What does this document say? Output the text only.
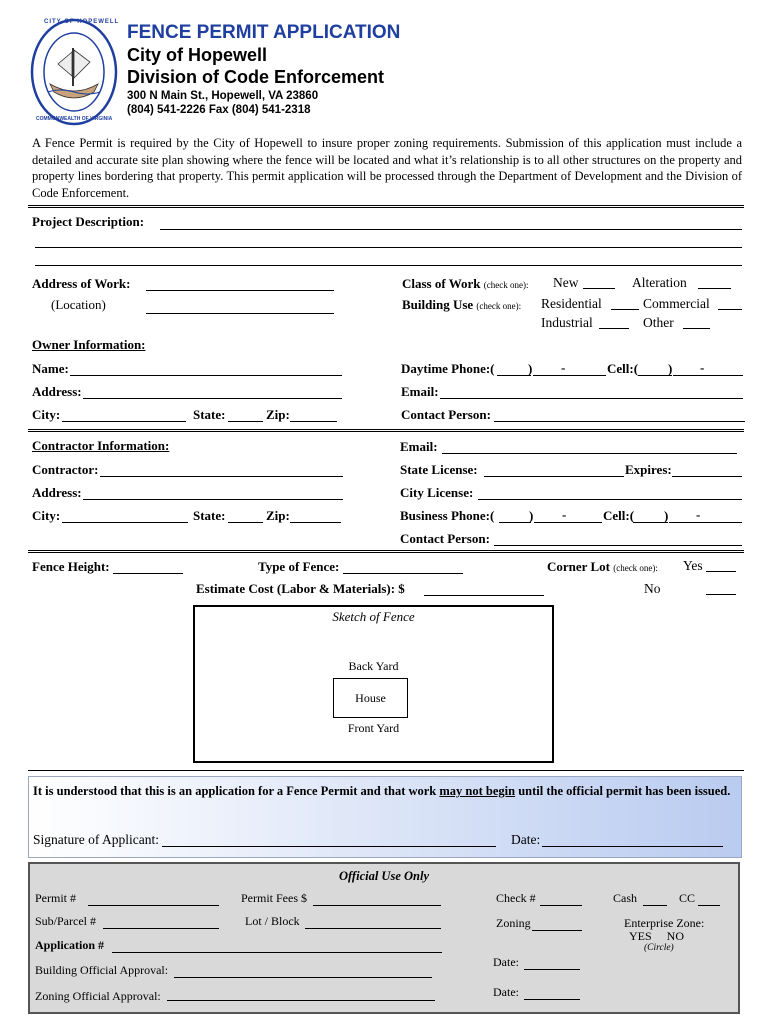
CITY OF HOPEWELL
COMMONWEALTH OF VIRGINIA
FENCE PERMIT APPLICATION
City of Hopewell
Division of Code Enforcement
300 N Main St., Hopewell, VA 23860
(804) 541-2226 Fax (804) 541-2318
A Fence Permit is required by the City of Hopewell to insure proper zoning requirements. Submission of this application must include a detailed and accurate site plan showing where the fence will be located and what it’s relationship is to all other structures on the property and property lines bordering that property. This permit application will be processed through the Department of Development and the Division of Code Enforcement.
Project Description:
Address of Work:
(Location)
Class of Work (check one): New	Alteration
Building Use (check one): Residential	Commercial
Industrial	Other
Owner Information:
Name:
Address:
City:	State:	Zip:
Daytime Phone:(	) -	Cell:( ) -
Email:
Contact Person:
Contractor Information:
Contractor:
Address:
City:	State:	Zip:
Email:
State License:	Expires:
City License:
Business Phone:(	) -	Cell:( ) -
Contact Person:
Fence Height:	Type of Fence:	Corner Lot (check one): Yes
Estimate Cost (Labor & Materials): $	No
Sketch of Fence
Back Yard
House
Front Yard
It is understood that this is an application for a Fence Permit and that work may not begin until the official permit has been issued.
Signature of Applicant:	Date:
Official Use Only
Permit #	Permit Fees $	Check #	Cash	CC
Sub/Parcel #	Lot / Block	Zoning	Enterprise Zone:
YES     NO
(Circle)
Application #
Date:
Building Official Approval:
Date:
Zoning Official Approval:
